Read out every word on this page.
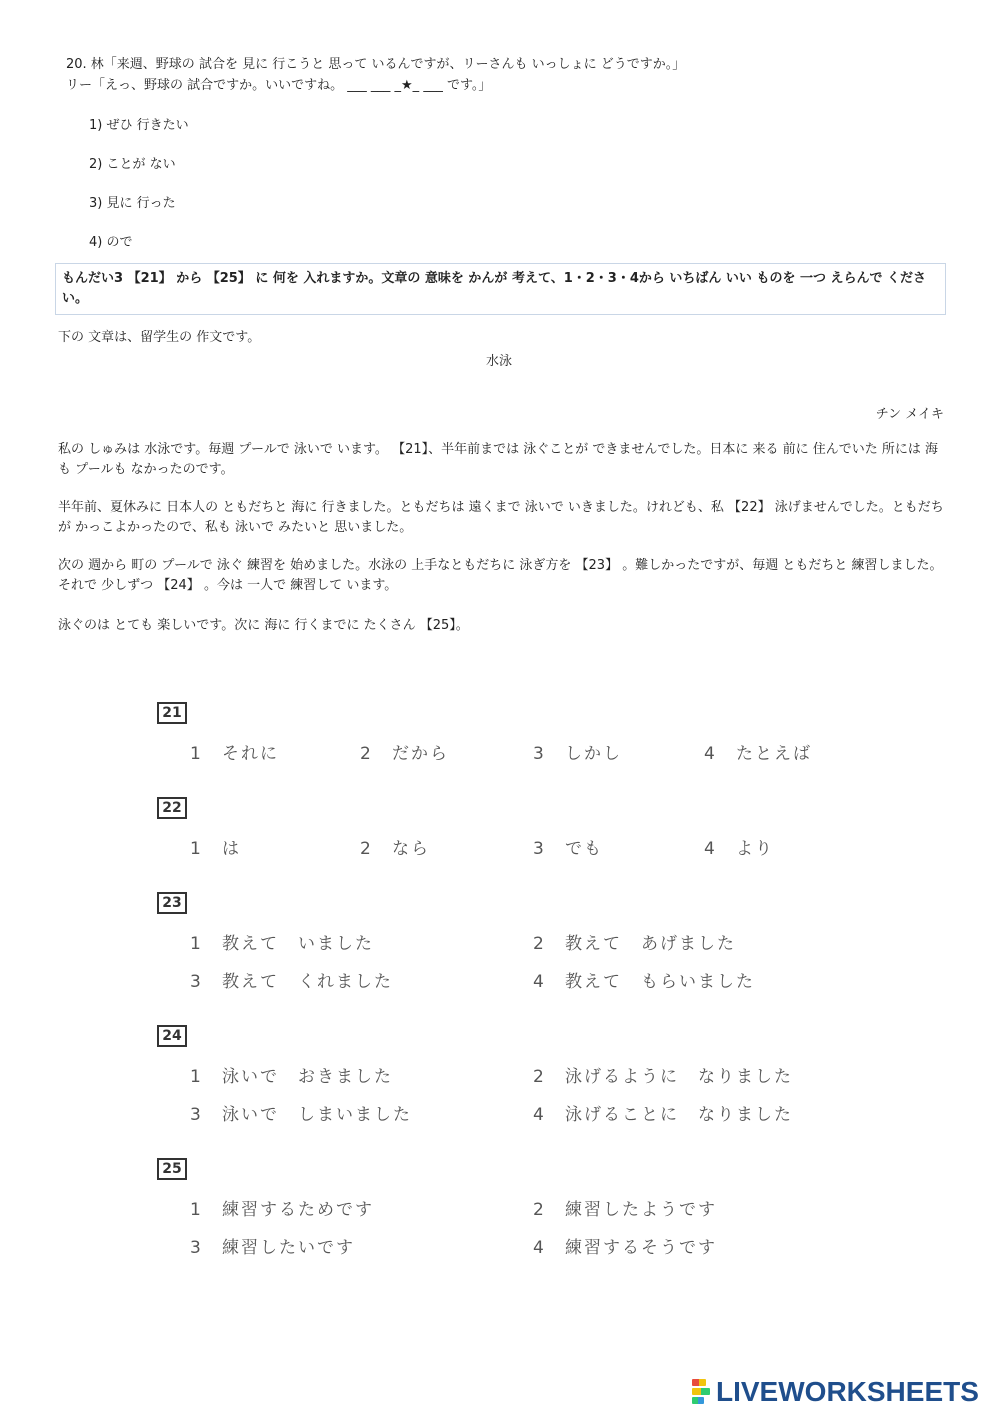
20. 林「来週、野球の 試合を 見に 行こうと 思って いるんですが、リーさんも いっしょに どうですか。」
リー「えっ、野球の 試合ですか。いいですね。 ___ ___ _★_ ___ です。」
1) ぜひ 行きたい
2) ことが ない
3) 見に 行った
4) ので
もんだい3 【21】 から 【25】 に 何を 入れますか。文章の 意味を かんが 考えて、1・2・3・4から いちばん いい ものを 一つ えらんで ください。
下の 文章は、留学生の 作文です。
水泳
チン メイキ
私の しゅみは 水泳です。毎週 プールで 泳いで います。 【21】、半年前までは 泳ぐことが できませんでした。日本に 来る 前に 住んでいた 所には 海も プールも なかったのです。
半年前、夏休みに 日本人の ともだちと 海に 行きました。ともだちは 遠くまで 泳いで いきました。けれども、私 【22】 泳げませんでした。ともだちが かっこよかったので、私も 泳いで みたいと 思いました。
次の 週から 町の プールで 泳ぐ 練習を 始めました。水泳の 上手なともだちに 泳ぎ方を 【23】 。難しかったですが、毎週 ともだちと 練習しました。それで 少しずつ 【24】 。今は 一人で 練習して います。
泳ぐのは とても 楽しいです。次に 海に 行くまでに たくさん 【25】。
21
1 それに	2 だから	3 しかし	4 たとえば
22
1 は	2 なら	3 でも	4 より
23
1 教えて　いました	2 教えて　あげました
3 教えて　くれました	4 教えて　もらいました
24
1 泳いで　おきました	2 泳げるように　なりました
3 泳いで　しまいました	4 泳げることに　なりました
25
1 練習するためです	2 練習したようです
3 練習したいです	4 練習するそうです
LIVEWORKSHEETS
